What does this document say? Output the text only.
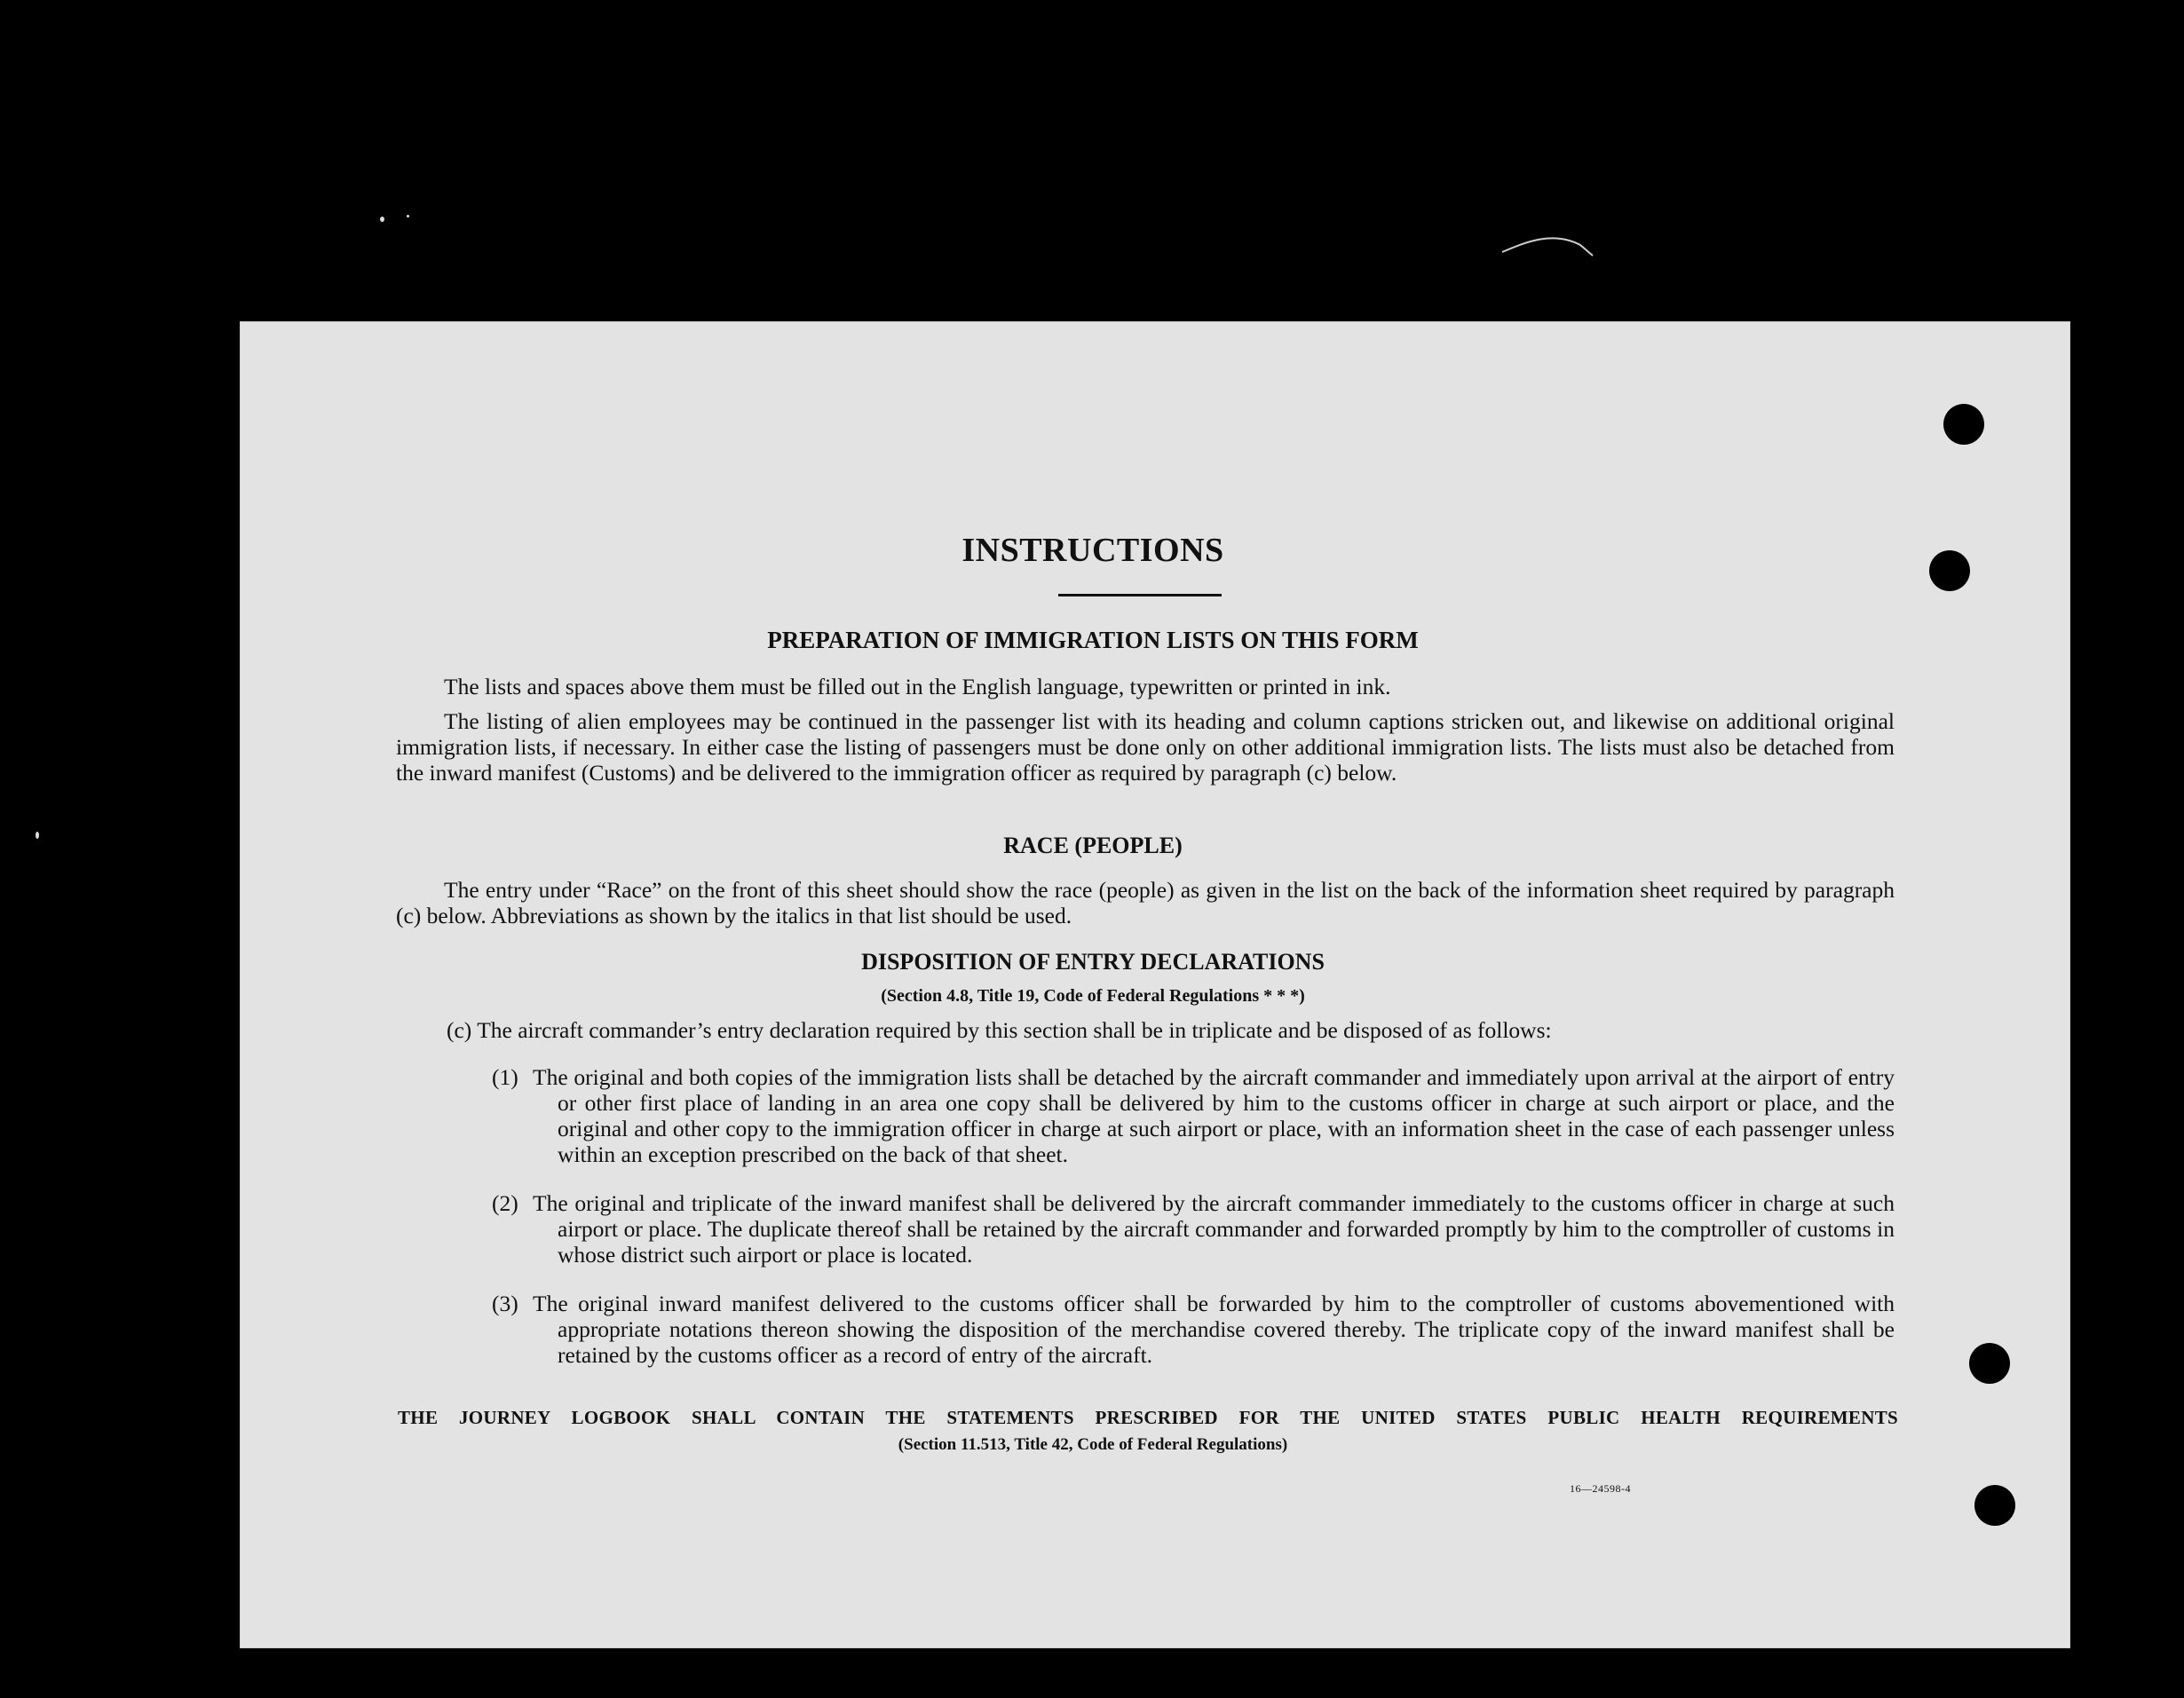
INSTRUCTIONS
PREPARATION OF IMMIGRATION LISTS ON THIS FORM
The lists and spaces above them must be filled out in the English language, typewritten or printed in ink.
The listing of alien employees may be continued in the passenger list with its heading and column captions stricken out, and likewise on additional original immigration lists, if necessary. In either case the listing of passengers must be done only on other additional immigration lists. The lists must also be detached from the inward manifest (Customs) and be delivered to the immigration officer as required by paragraph (c) below.
RACE (PEOPLE)
The entry under “Race” on the front of this sheet should show the race (people) as given in the list on the back of the information sheet required by paragraph (c) below. Abbreviations as shown by the italics in that list should be used.
DISPOSITION OF ENTRY DECLARATIONS
(Section 4.8, Title 19, Code of Federal Regulations * * *)
(c) The aircraft commander’s entry declaration required by this section shall be in triplicate and be disposed of as follows:
(1) The original and both copies of the immigration lists shall be detached by the aircraft commander and immediately upon arrival at the airport of entry or other first place of landing in an area one copy shall be delivered by him to the customs officer in charge at such airport or place, and the original and other copy to the immigration officer in charge at such airport or place, with an information sheet in the case of each passenger unless within an exception prescribed on the back of that sheet.
(2) The original and triplicate of the inward manifest shall be delivered by the aircraft commander immediately to the customs officer in charge at such airport or place. The duplicate thereof shall be retained by the aircraft commander and forwarded promptly by him to the comptroller of customs in whose district such airport or place is located.
(3) The original inward manifest delivered to the customs officer shall be forwarded by him to the comptroller of customs abovementioned with appropriate notations thereon showing the disposition of the merchandise covered thereby. The triplicate copy of the inward manifest shall be retained by the customs officer as a record of entry of the aircraft.
THE JOURNEY LOGBOOK SHALL CONTAIN THE STATEMENTS PRESCRIBED FOR THE UNITED STATES PUBLIC HEALTH REQUIREMENTS
(Section 11.513, Title 42, Code of Federal Regulations)
16—24598-4
